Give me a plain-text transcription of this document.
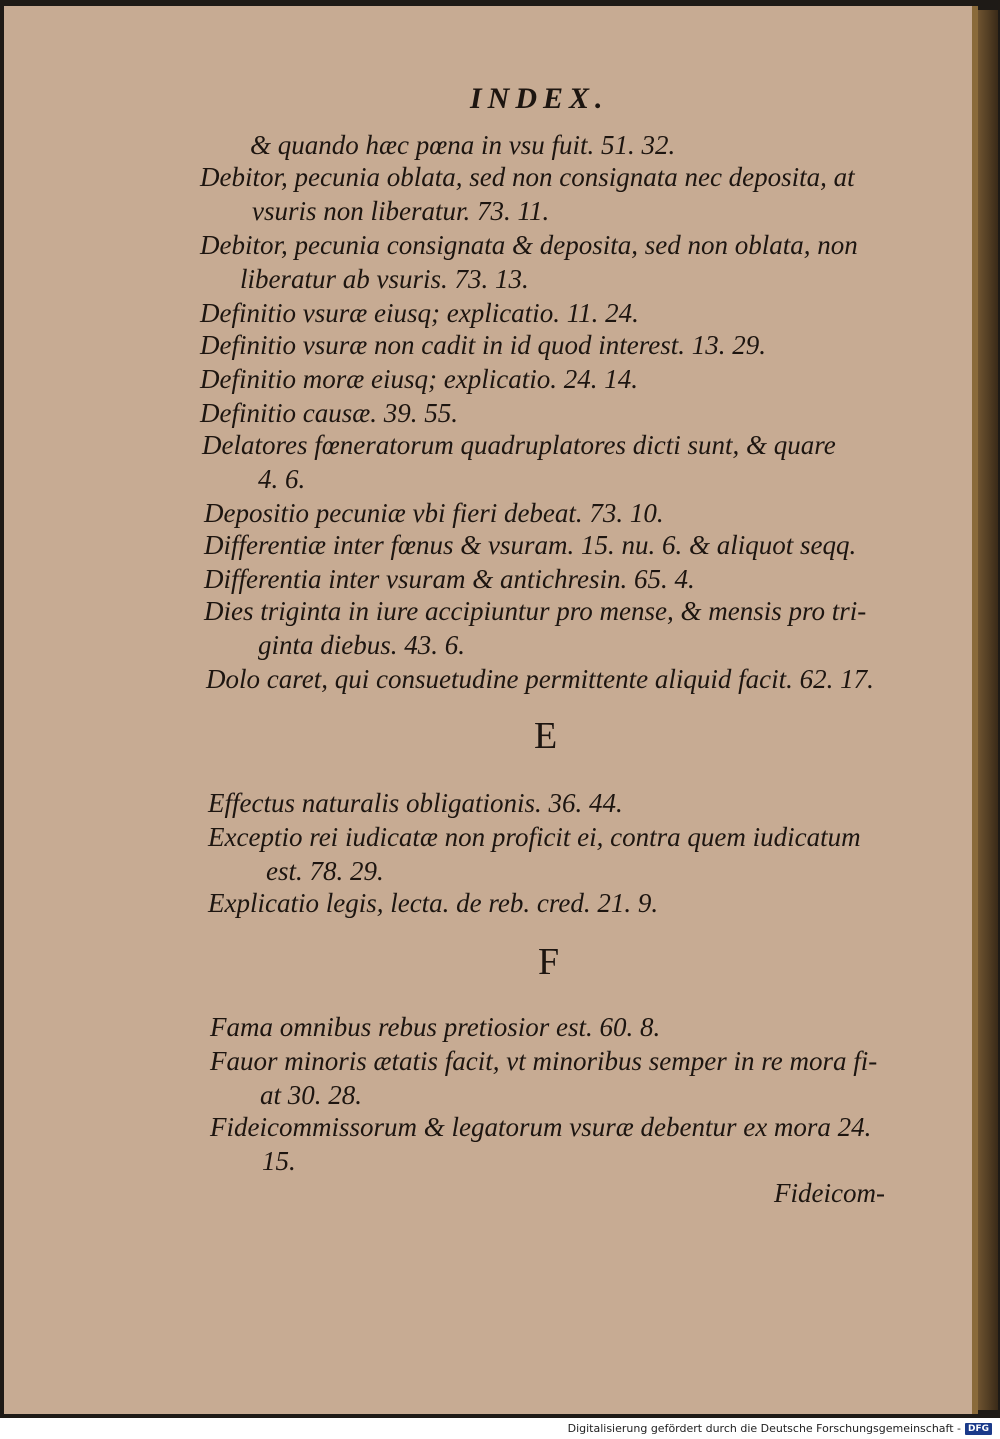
INDEX.
& quando hæc pœna in vsu fuit. 51. 32.
Debitor, pecunia oblata, sed non consignata nec deposita, at
vsuris non liberatur. 73. 11.
Debitor, pecunia consignata & deposita, sed non oblata, non
liberatur ab vsuris. 73. 13.
Definitio vsuræ eiusq; explicatio. 11. 24.
Definitio vsuræ non cadit in id quod interest. 13. 29.
Definitio moræ eiusq; explicatio. 24. 14.
Definitio causæ. 39. 55.
Delatores fœneratorum quadruplatores dicti sunt, & quare
4. 6.
Depositio pecuniæ vbi fieri debeat. 73. 10.
Differentiæ inter fœnus & vsuram. 15. nu. 6. & aliquot seqq.
Differentia inter vsuram & antichresin. 65. 4.
Dies triginta in iure accipiuntur pro mense, & mensis pro tri-
ginta diebus. 43. 6.
Dolo caret, qui consuetudine permittente aliquid facit. 62. 17.
E
Effectus naturalis obligationis. 36. 44.
Exceptio rei iudicatæ non proficit ei, contra quem iudicatum
est. 78. 29.
Explicatio legis, lecta. de reb. cred. 21. 9.
F
Fama omnibus rebus pretiosior est. 60. 8.
Fauor minoris ætatis facit, vt minoribus semper in re mora fi-
at 30. 28.
Fideicommissorum & legatorum vsuræ debentur ex mora 24.
15.
Fideicom-
Digitalisierung gefördert durch die Deutsche Forschungsgemeinschaft - DFG
